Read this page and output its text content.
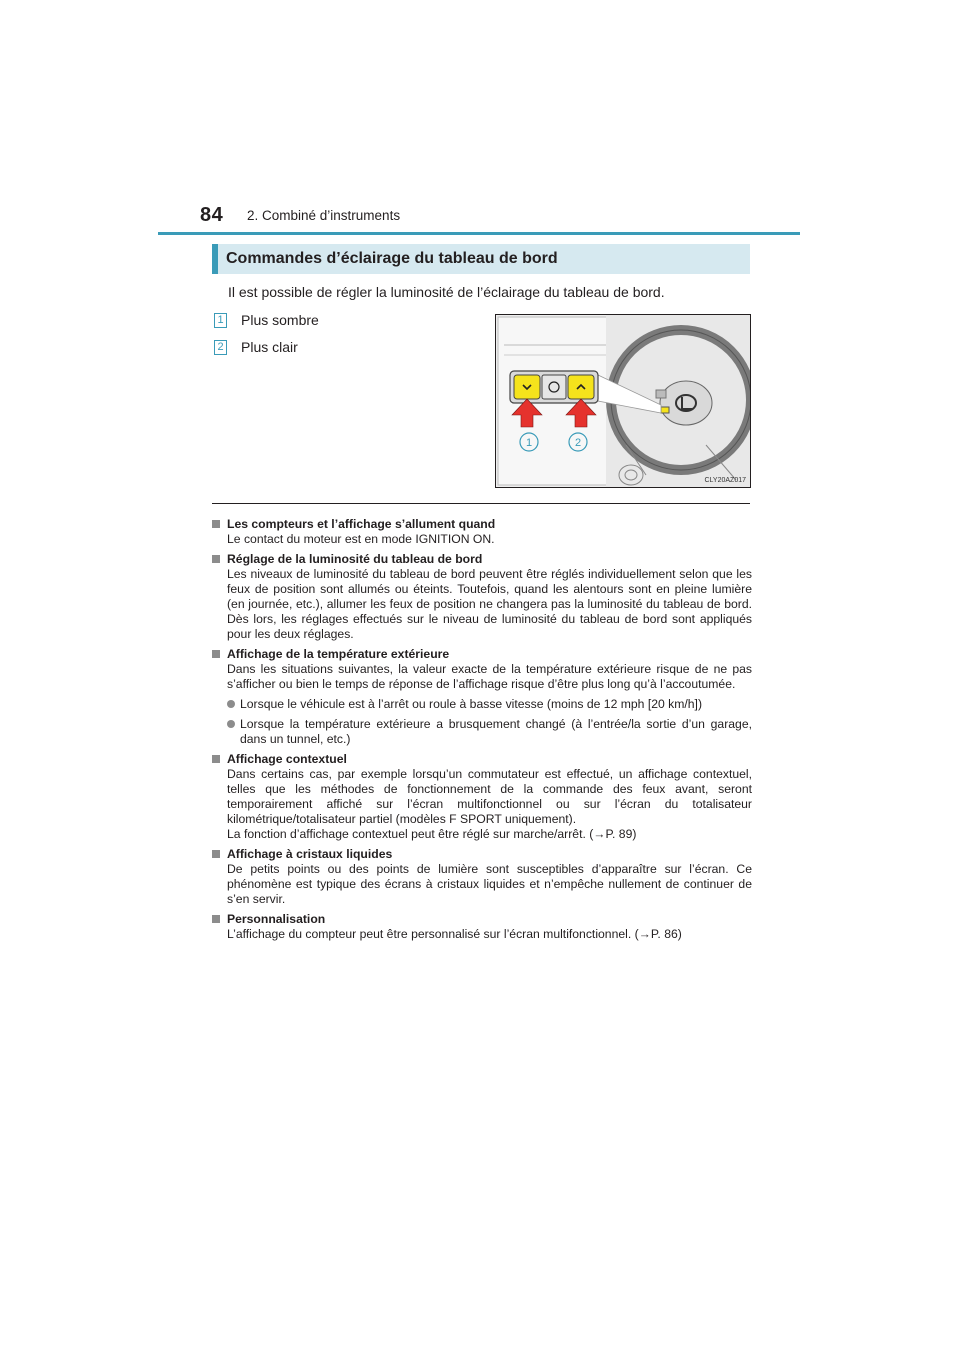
84 2. Combiné d’instruments
Commandes d’éclairage du tableau de bord
Il est possible de régler la luminosité de l’éclairage du tableau de bord.
1 Plus sombre
2 Plus clair
1	2
CLY20AZ017
Les compteurs et l’affichage s’allument quand
Le contact du moteur est en mode IGNITION ON.
Réglage de la luminosité du tableau de bord
Les niveaux de luminosité du tableau de bord peuvent être réglés individuellement selon que les feux de position sont allumés ou éteints. Toutefois, quand les alentours sont en pleine lumière (en journée, etc.), allumer les feux de position ne changera pas la luminosité du tableau de bord. Dès lors, les réglages effectués sur le niveau de luminosité du tableau de bord sont appliqués pour les deux réglages.
Affichage de la température extérieure
Dans les situations suivantes, la valeur exacte de la température extérieure risque de ne pas s’afficher ou bien le temps de réponse de l’affichage risque d’être plus long qu’à l’accoutumée.
Lorsque le véhicule est à l’arrêt ou roule à basse vitesse (moins de 12 mph [20 km/h])
Lorsque la température extérieure a brusquement changé (à l’entrée/la sortie d’un garage, dans un tunnel, etc.)
Affichage contextuel
Dans certains cas, par exemple lorsqu’un commutateur est effectué, un affichage contextuel, telles que les méthodes de fonctionnement de la commande des feux avant, seront temporairement affiché sur l’écran multifonctionnel ou sur l’écran du totalisateur kilométrique/totalisateur partiel (modèles F SPORT uniquement).
La fonction d’affichage contextuel peut être réglé sur marche/arrêt. (→P. 89)
Affichage à cristaux liquides
De petits points ou des points de lumière sont susceptibles d’apparaître sur l’écran. Ce phénomène est typique des écrans à cristaux liquides et n’empêche nullement de continuer de s’en servir.
Personnalisation
L’affichage du compteur peut être personnalisé sur l’écran multifonctionnel. (→P. 86)
